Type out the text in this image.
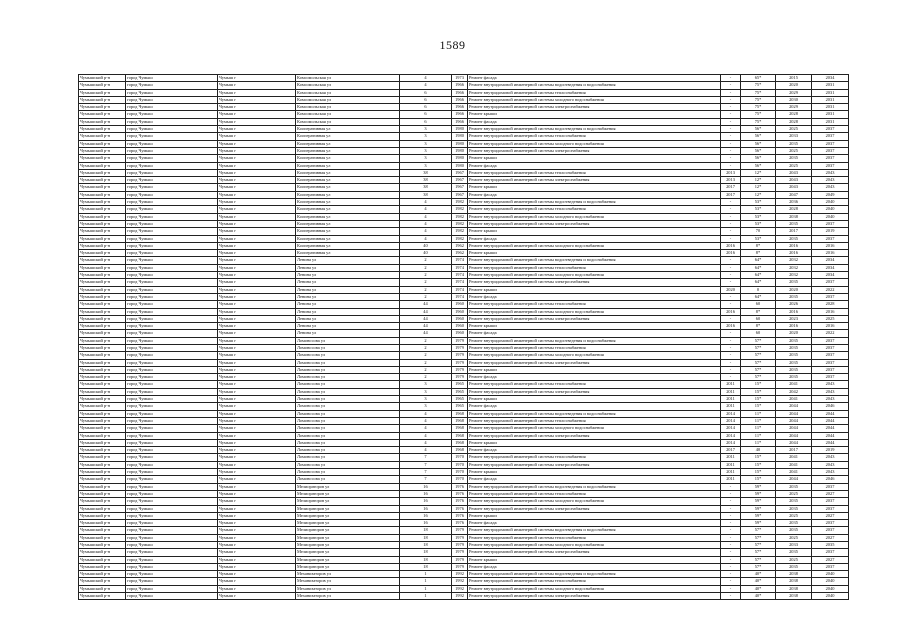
1589
Чумышский р-н	город Чумыш	Чумыш г	Комсомольская ул	4	1973	Ремонт фасада	-	65*	2015	2034
Чумышский р-н	город Чумыш	Чумыш г	Комсомольская ул	4	1966	Ремонт внутридомовой инженерной системы водоотведения и водоснабжения	-	75*	2020	2031
Чумышский р-н	город Чумыш	Чумыш г	Комсомольская ул	6	1966	Ремонт внутридомовой инженерной системы теплоснабжения	-	75*	2029	2031
Чумышский р-н	город Чумыш	Чумыш г	Комсомольская ул	6	1966	Ремонт внутридомовой инженерной системы холодного водоснабжения	-	75*	2030	2031
Чумышский р-н	город Чумыш	Чумыш г	Комсомольская ул	6	1966	Ремонт внутридомовой инженерной системы электроснабжения	-	75*	2029	2031
Чумышский р-н	город Чумыш	Чумыш г	Комсомольская ул	6	1966	Ремонт крыши	-	75*	2028	2031
Чумышский р-н	город Чумыш	Чумыш г	Комсомольская ул	6	1966	Ремонт фасада	-	75*	2028	2031
Чумышский р-н	город Чумыш	Чумыш г	Кооперативная ул	3	1980	Ремонт внутридомовой инженерной системы водоотведения и водоснабжения	-	56*	2025	2037
Чумышский р-н	город Чумыш	Чумыш г	Кооперативная ул	3	1980	Ремонт внутридомовой инженерной системы теплоснабжения	-	56*	2033	2037
Чумышский р-н	город Чумыш	Чумыш г	Кооперативная ул	3	1980	Ремонт внутридомовой инженерной системы холодного водоснабжения	-	56*	2035	2037
Чумышский р-н	город Чумыш	Чумыш г	Кооперативная ул	3	1980	Ремонт внутридомовой инженерной системы электроснабжения	-	56*	2025	2037
Чумышский р-н	город Чумыш	Чумыш г	Кооперативная ул	3	1980	Ремонт крыши	-	56*	2035	2037
Чумышский р-н	город Чумыш	Чумыш г	Кооперативная ул	3	1980	Ремонт фасада	-	56*	2025	2037
Чумышский р-н	город Чумыш	Чумыш г	Кооперативная ул	38	1967	Ремонт внутридомовой инженерной системы теплоснабжения	2013	12*	2043	2043
Чумышский р-н	город Чумыш	Чумыш г	Кооперативная ул	38	1967	Ремонт внутридомовой инженерной системы электроснабжения	2013	12*	2043	2043
Чумышский р-н	город Чумыш	Чумыш г	Кооперативная ул	38	1967	Ремонт крыши	2017	12*	2043	2043
Чумышский р-н	город Чумыш	Чумыш г	Кооперативная ул	38	1967	Ремонт фасада	2017	12*	2047	2049
Чумышский р-н	город Чумыш	Чумыш г	Кооперативная ул	4	1982	Ремонт внутридомовой инженерной системы водоотведения и водоснабжения	-	53*	2036	2040
Чумышский р-н	город Чумыш	Чумыш г	Кооперативная ул	4	1982	Ремонт внутридомовой инженерной системы теплоснабжения	-	53*	2028	2040
Чумышский р-н	город Чумыш	Чумыш г	Кооперативная ул	4	1982	Ремонт внутридомовой инженерной системы холодного водоснабжения	-	53*	2038	2040
Чумышский р-н	город Чумыш	Чумыш г	Кооперативная ул	4	1982	Ремонт внутридомовой инженерной системы электроснабжения	-	53*	2035	2037
Чумышский р-н	город Чумыш	Чумыш г	Кооперативная ул	4	1982	Ремонт крыши	-	70	2017	2019
Чумышский р-н	город Чумыш	Чумыш г	Кооперативная ул	4	1982	Ремонт фасада	-	53*	2035	2037
Чумышский р-н	город Чумыш	Чумыш г	Кооперативная ул	40	1962	Ремонт внутридомовой инженерной системы холодного водоснабжения	2016	8*	2016	2016
Чумышский р-н	город Чумыш	Чумыш г	Кооперативная ул	40	1962	Ремонт крыши	2016	8*	2016	2016
Чумышский р-н	город Чумыш	Чумыш г	Ленина ул	2	1974	Ремонт внутридомовой инженерной системы водоотведения и водоснабжения	-	64*	2032	2034
Чумышский р-н	город Чумыш	Чумыш г	Ленина ул	2	1974	Ремонт внутридомовой инженерной системы теплоснабжения	-	64*	2032	2034
Чумышский р-н	город Чумыш	Чумыш г	Ленина ул	2	1974	Ремонт внутридомовой инженерной системы холодного водоснабжения	-	64*	2032	2034
Чумышский р-н	город Чумыш	Чумыш г	Ленина ул	2	1974	Ремонт внутридомовой инженерной системы электроснабжения	-	64*	2035	2037
Чумышский р-н	город Чумыш	Чумыш г	Ленина ул	2	1974	Ремонт крыши	2020	0	2020	2022
Чумышский р-н	город Чумыш	Чумыш г	Ленина ул	2	1974	Ремонт фасада	-	64*	2035	2037
Чумышский р-н	город Чумыш	Чумыш г	Ленина ул	44	1960	Ремонт внутридомовой инженерной системы теплоснабжения	-	60	2026	2028
Чумышский р-н	город Чумыш	Чумыш г	Ленина ул	44	1960	Ремонт внутридомовой инженерной системы холодного водоснабжения	2016	8*	2016	2016
Чумышский р-н	город Чумыш	Чумыш г	Ленина ул	44	1960	Ремонт внутридомовой инженерной системы электроснабжения	-	60	2023	2025
Чумышский р-н	город Чумыш	Чумыш г	Ленина ул	44	1960	Ремонт крыши	2016	8*	2016	2016
Чумышский р-н	город Чумыш	Чумыш г	Ленина ул	44	1960	Ремонт фасада	-	60	2020	2022
Чумышский р-н	город Чумыш	Чумыш г	Ломоносова ул	2	1979	Ремонт внутридомовой инженерной системы водоотведения и водоснабжения	-	57*	2035	2037
Чумышский р-н	город Чумыш	Чумыш г	Ломоносова ул	2	1979	Ремонт внутридомовой инженерной системы теплоснабжения	-	57*	2035	2037
Чумышский р-н	город Чумыш	Чумыш г	Ломоносова ул	2	1979	Ремонт внутридомовой инженерной системы холодного водоснабжения	-	57*	2035	2037
Чумышский р-н	город Чумыш	Чумыш г	Ломоносова ул	2	1979	Ремонт внутридомовой инженерной системы электроснабжения	-	57*	2035	2037
Чумышский р-н	город Чумыш	Чумыш г	Ломоносова ул	2	1979	Ремонт крыши	-	57*	2035	2037
Чумышский р-н	город Чумыш	Чумыш г	Ломоносова ул	2	1979	Ремонт фасада	-	57*	2035	2037
Чумышский р-н	город Чумыш	Чумыш г	Ломоносова ул	3	1965	Ремонт внутридомовой инженерной системы теплоснабжения	2011	15*	2041	2043
Чумышский р-н	город Чумыш	Чумыш г	Ломоносова ул	3	1965	Ремонт внутридомовой инженерной системы электроснабжения	2011	15*	2042	2043
Чумышский р-н	город Чумыш	Чумыш г	Ломоносова ул	3	1965	Ремонт крыши	2011	15*	2041	2043
Чумышский р-н	город Чумыш	Чумыш г	Ломоносова ул	3	1965	Ремонт фасада	2011	15*	2044	2046
Чумышский р-н	город Чумыш	Чумыш г	Ломоносова ул	4	1968	Ремонт внутридомовой инженерной системы водоотведения и водоснабжения	2014	11*	2044	2044
Чумышский р-н	город Чумыш	Чумыш г	Ломоносова ул	4	1968	Ремонт внутридомовой инженерной системы теплоснабжения	2014	11*	2044	2044
Чумышский р-н	город Чумыш	Чумыш г	Ломоносова ул	4	1968	Ремонт внутридомовой инженерной системы холодного водоснабжения	2014	11*	2044	2044
Чумышский р-н	город Чумыш	Чумыш г	Ломоносова ул	4	1968	Ремонт внутридомовой инженерной системы электроснабжения	2014	11*	2044	2044
Чумышский р-н	город Чумыш	Чумыш г	Ломоносова ул	4	1968	Ремонт крыши	2014	11*	2044	2044
Чумышский р-н	город Чумыш	Чумыш г	Ломоносова ул	4	1968	Ремонт фасада	2017	40	2017	2019
Чумышский р-н	город Чумыш	Чумыш г	Ломоносова ул	7	1970	Ремонт внутридомовой инженерной системы теплоснабжения	2011	15*	2041	2043
Чумышский р-н	город Чумыш	Чумыш г	Ломоносова ул	7	1970	Ремонт внутридомовой инженерной системы электроснабжения	2011	15*	2041	2043
Чумышский р-н	город Чумыш	Чумыш г	Ломоносова ул	7	1970	Ремонт крыши	2011	15*	2041	2043
Чумышский р-н	город Чумыш	Чумыш г	Ломоносова ул	7	1970	Ремонт фасада	2011	15*	2044	2046
Чумышский р-н	город Чумыш	Чумыш г	Мелиораторов ул	16	1976	Ремонт внутридомовой инженерной системы водоотведения и водоснабжения	-	59*	2035	2037
Чумышский р-н	город Чумыш	Чумыш г	Мелиораторов ул	16	1976	Ремонт внутридомовой инженерной системы теплоснабжения	-	59*	2025	2027
Чумышский р-н	город Чумыш	Чумыш г	Мелиораторов ул	16	1976	Ремонт внутридомовой инженерной системы холодного водоснабжения	-	59*	2035	2037
Чумышский р-н	город Чумыш	Чумыш г	Мелиораторов ул	16	1976	Ремонт внутридомовой инженерной системы электроснабжения	-	59*	2035	2037
Чумышский р-н	город Чумыш	Чумыш г	Мелиораторов ул	16	1976	Ремонт крыши	-	59*	2025	2027
Чумышский р-н	город Чумыш	Чумыш г	Мелиораторов ул	16	1976	Ремонт фасада	-	59*	2035	2037
Чумышский р-н	город Чумыш	Чумыш г	Мелиораторов ул	18	1979	Ремонт внутридомовой инженерной системы водоотведения и водоснабжения	-	57*	2035	2037
Чумышский р-н	город Чумыш	Чумыш г	Мелиораторов ул	18	1979	Ремонт внутридомовой инженерной системы теплоснабжения	-	57*	2025	2027
Чумышский р-н	город Чумыш	Чумыш г	Мелиораторов ул	18	1979	Ремонт внутридомовой инженерной системы холодного водоснабжения	-	57*	2033	2035
Чумышский р-н	город Чумыш	Чумыш г	Мелиораторов ул	18	1979	Ремонт внутридомовой инженерной системы электроснабжения	-	57*	2035	2037
Чумышский р-н	город Чумыш	Чумыш г	Мелиораторов ул	18	1979	Ремонт крыши	-	57*	2025	2027
Чумышский р-н	город Чумыш	Чумыш г	Мелиораторов ул	18	1979	Ремонт фасада	-	57*	2035	2037
Чумышский р-н	город Чумыш	Чумыш г	Механизаторов ул	1	1992	Ремонт внутридомовой инженерной системы водоотведения и водоснабжения	-	40*	2038	2040
Чумышский р-н	город Чумыш	Чумыш г	Механизаторов ул	1	1992	Ремонт внутридомовой инженерной системы теплоснабжения	-	40*	2038	2040
Чумышский р-н	город Чумыш	Чумыш г	Механизаторов ул	1	1992	Ремонт внутридомовой инженерной системы холодного водоснабжения	-	40*	2038	2040
Чумышский р-н	город Чумыш	Чумыш г	Механизаторов ул	1	1992	Ремонт внутридомовой инженерной системы электроснабжения	-	40*	2038	2040
